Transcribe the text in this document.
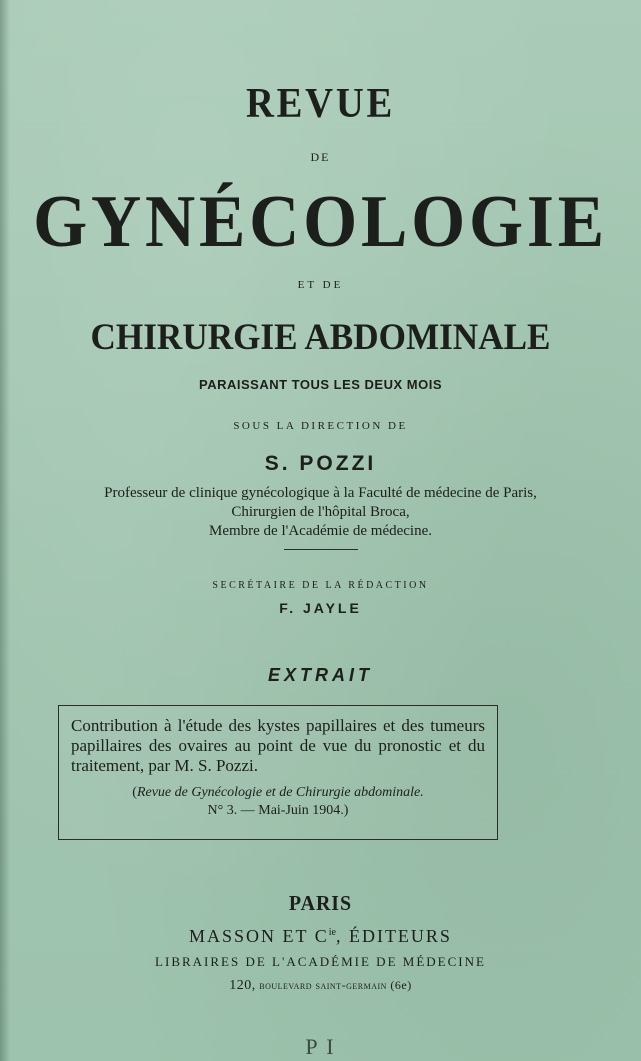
REVUE

DE

GYNÉCOLOGIE

ET DE

CHIRURGIE ABDOMINALE

PARAISSANT TOUS LES DEUX MOIS

SOUS LA DIRECTION DE

S. POZZI

Professeur de clinique gynécologique à la Faculté de médecine de Paris,
Chirurgien de l'hôpital Broca,
Membre de l'Académie de médecine.

SECRÉTAIRE DE LA RÉDACTION

F. JAYLE

EXTRAIT

Contribution à l'étude des kystes papillaires et des tumeurs papillaires des ovaires au point de vue du pronostic et du traitement, par M. S. Pozzi.

(Revue de Gynécologie et de Chirurgie abdominale.
N° 3. — Mai-Juin 1904.)

PARIS

MASSON ET $C^{ie}$, ÉDITEURS

LIBRAIRES DE L'ACADÉMIE DE MÉDECINE

120, boulevard saint-germain (6e)

P I
